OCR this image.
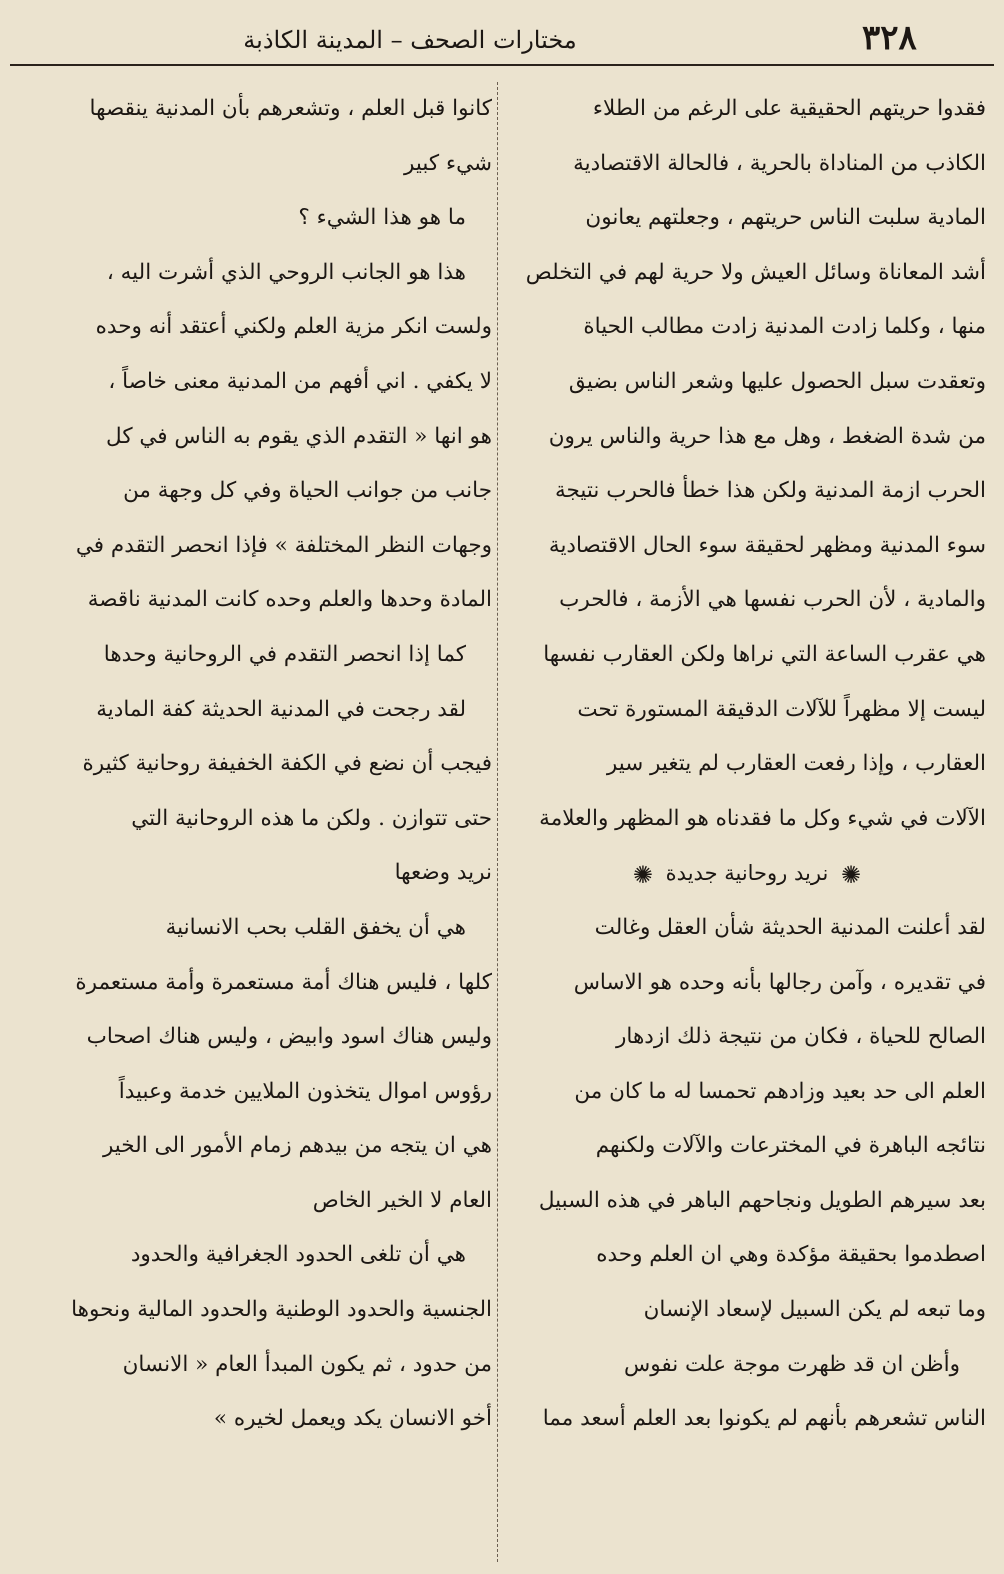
٣٢٨
مختارات الصحف – المدينة الكاذبة
فقدوا حريتهم الحقيقية على الرغم من الطلاء
الكاذب من المناداة بالحرية ، فالحالة الاقتصادية
المادية سلبت الناس حريتهم ، وجعلتهم يعانون
أشد المعاناة وسائل العيش ولا حرية لهم في التخلص
منها ، وكلما زادت المدنية زادت مطالب الحياة
وتعقدت سبل الحصول عليها وشعر الناس بضيق
من شدة الضغط ، وهل مع هذا حرية والناس يرون
الحرب ازمة المدنية ولكن هذا خطأ فالحرب نتيجة
سوء المدنية ومظهر لحقيقة سوء الحال الاقتصادية
والمادية ، لأن الحرب نفسها هي الأزمة ، فالحرب
هي عقرب الساعة التي نراها ولكن العقارب نفسها
ليست إلا مظهراً للآلات الدقيقة المستورة تحت
العقارب ، وإذا رفعت العقارب لم يتغير سير
الآلات في شيء وكل ما فقدناه هو المظهر والعلامة
✺ نريد روحانية جديدة ✺
لقد أعلنت المدنية الحديثة شأن العقل وغالت
في تقديره ، وآمن رجالها بأنه وحده هو الاساس
الصالح للحياة ، فكان من نتيجة ذلك ازدهار
العلم الى حد بعيد وزادهم تحمسا له ما كان من
نتائجه الباهرة في المخترعات والآلات ولكنهم
بعد سيرهم الطويل ونجاحهم الباهر في هذه السبيل
اصطدموا بحقيقة مؤكدة وهي ان العلم وحده
وما تبعه لم يكن السبيل لإسعاد الإنسان
وأظن ان قد ظهرت موجة علت نفوس
الناس تشعرهم بأنهم لم يكونوا بعد العلم أسعد مما
كانوا قبل العلم ، وتشعرهم بأن المدنية ينقصها
شيء كبير
ما هو هذا الشيء ؟
هذا هو الجانب الروحي الذي أشرت اليه ،
ولست انكر مزية العلم ولكني أعتقد أنه وحده
لا يكفي . اني أفهم من المدنية معنى خاصاً ،
هو انها « التقدم الذي يقوم به الناس في كل
جانب من جوانب الحياة وفي كل وجهة من
وجهات النظر المختلفة » فإذا انحصر التقدم في
المادة وحدها والعلم وحده كانت المدنية ناقصة
كما إذا انحصر التقدم في الروحانية وحدها
لقد رجحت في المدنية الحديثة كفة المادية
فيجب أن نضع في الكفة الخفيفة روحانية كثيرة
حتى تتوازن . ولكن ما هذه الروحانية التي
نريد وضعها
هي أن يخفق القلب بحب الانسانية
كلها ، فليس هناك أمة مستعمرة وأمة مستعمرة
وليس هناك اسود وابيض ، وليس هناك اصحاب
رؤوس اموال يتخذون الملايين خدمة وعبيداً
هي ان يتجه من بيدهم زمام الأمور الى الخير
العام لا الخير الخاص
هي أن تلغى الحدود الجغرافية والحدود
الجنسية والحدود الوطنية والحدود المالية ونحوها
من حدود ، ثم يكون المبدأ العام « الانسان
أخو الانسان يكد ويعمل لخيره »
